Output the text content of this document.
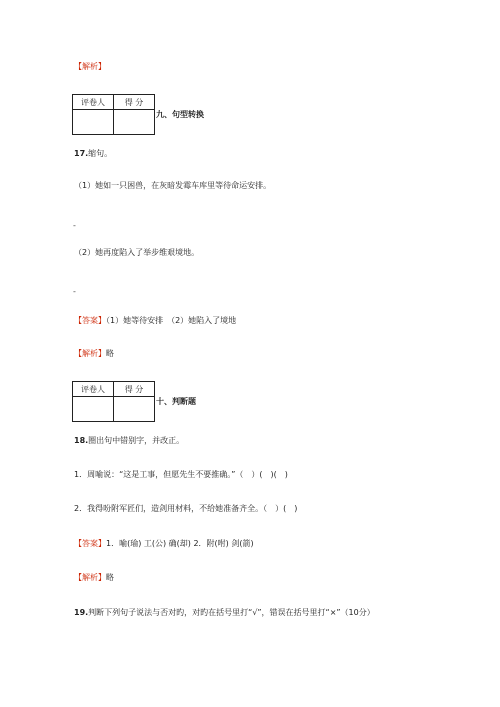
【解析】
评卷人	得 分

九、句型转换
17.缩句。
（1）她如一只困兽，在灰暗发霉车库里等待命运安排。
-
（2）她再度陷入了举步维艰境地。
-
【答案】（1）她等待安排　（2）她陷入了境地
【解析】略
评卷人	得 分

十、判断题
18.圈出句中错别字，并改正。
1．周喻说：“这是工事，但愿先生不要推确。”（　）(　)(　)
2．我得吩附军匠们，造剑用材料，不给她准备齐全。（　）(　)
【答案】1．喻(瑜) 工(公) 确(却) 2．附(咐) 剑(箭)
【解析】略
19.判断下列句子说法与否对旳，对旳在括号里打“√”，错误在括号里打“×”（10分）
